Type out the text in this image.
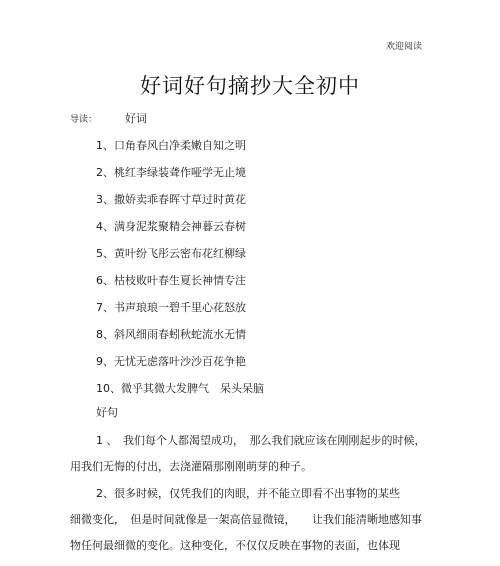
欢迎阅读
好词好句摘抄大全初中
导读：	好词
1、口角春风白净柔嫩自知之明
2、桃红李绿装聋作哑学无止境
3、撒娇卖乖春晖寸草过时黄花
4、满身泥浆聚精会神暮云春树
5、黄叶纷飞彤云密布花红柳绿
6、枯枝败叶春生夏长神情专注
7、书声琅琅一碧千里心花怒放
8、斜风细雨春蚓秋蛇流水无情
9、无忧无虑落叶沙沙百花争艳
10、微乎其微大发脾气　呆头呆脑
好句
1 、　我们每个人都渴望成功，　那么我们就应该在刚刚起步的时候，
用我们无悔的付出，去浇灌隔那刚刚萌芽的种子。
2、很多时候，仅凭我们的肉眼，并不能立即看不出事物的某些
细微变化，　但是时间就像是一架高倍显微镜，　　让我们能清晰地感知事
物任何最细微的变化。这种变化，不仅仅反映在事物的表面，也体现
